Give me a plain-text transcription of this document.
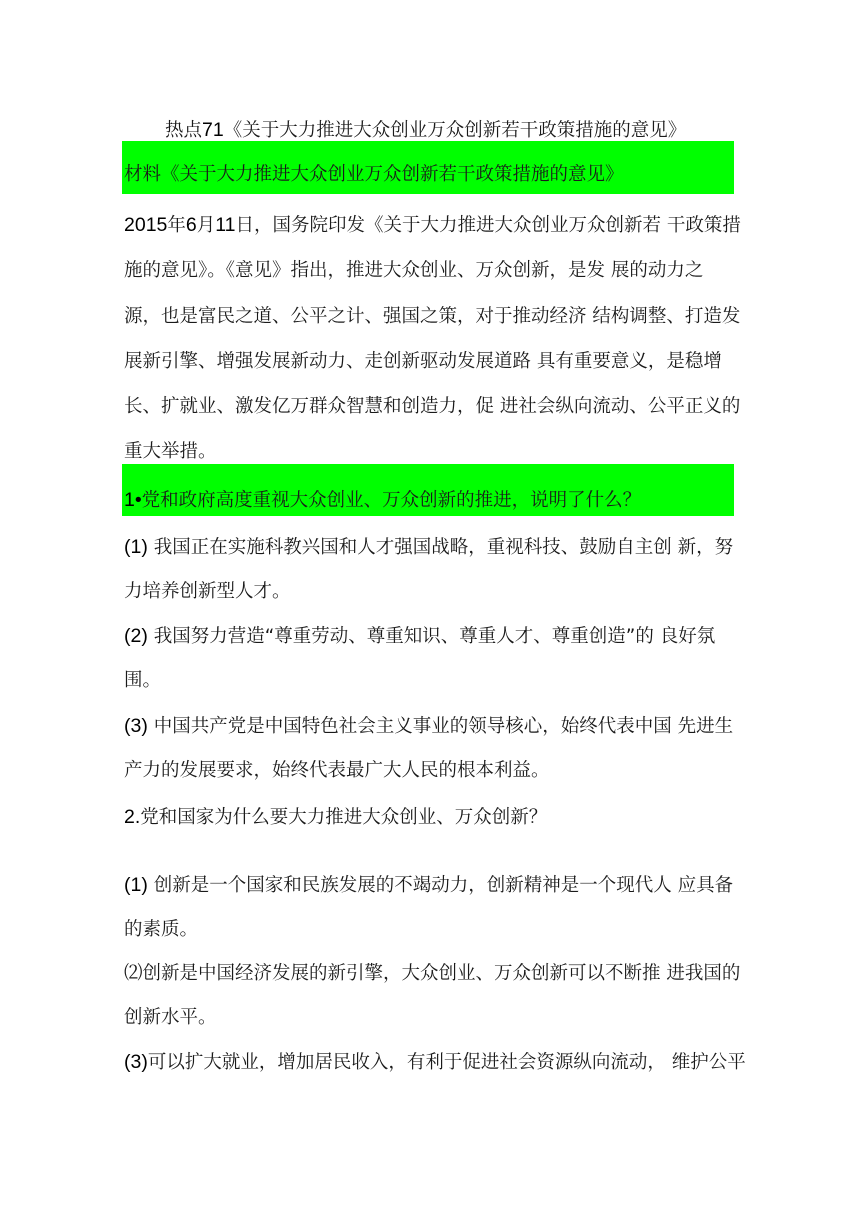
热点71《关于大力推进大众创业万众创新若干政策措施的意见》
材料《关于大力推进大众创业万众创新若干政策措施的意见》
2015年6月11日，国务院印发《关于大力推进大众创业万众创新若 干政策措
施的意见》。《意见》指出，推进大众创业、万众创新，是发 展的动力之
源，也是富民之道、公平之计、强国之策，对于推动经济 结构调整、打造发
展新引擎、增强发展新动力、走创新驱动发展道路 具有重要意义，是稳增
长、扩就业、激发亿万群众智慧和创造力，促 进社会纵向流动、公平正义的
重大举措。
1•党和政府高度重视大众创业、万众创新的推进，说明了什么？
(1) 我国正在实施科教兴国和人才强国战略，重视科技、鼓励自主创 新，努
力培养创新型人才。
(2) 我国努力营造“尊重劳动、尊重知识、尊重人才、尊重创造”的 良好氛
围。
(3) 中国共产党是中国特色社会主义事业的领导核心，始终代表中国 先进生
产力的发展要求，始终代表最广大人民的根本利益。
2.党和国家为什么要大力推进大众创业、万众创新？
(1) 创新是一个国家和民族发展的不竭动力，创新精神是一个现代人 应具备
的素质。
⑵创新是中国经济发展的新引擎，大众创业、万众创新可以不断推 进我国的
创新水平。
(3)可以扩大就业，增加居民收入，有利于促进社会资源纵向流动， 维护公平
